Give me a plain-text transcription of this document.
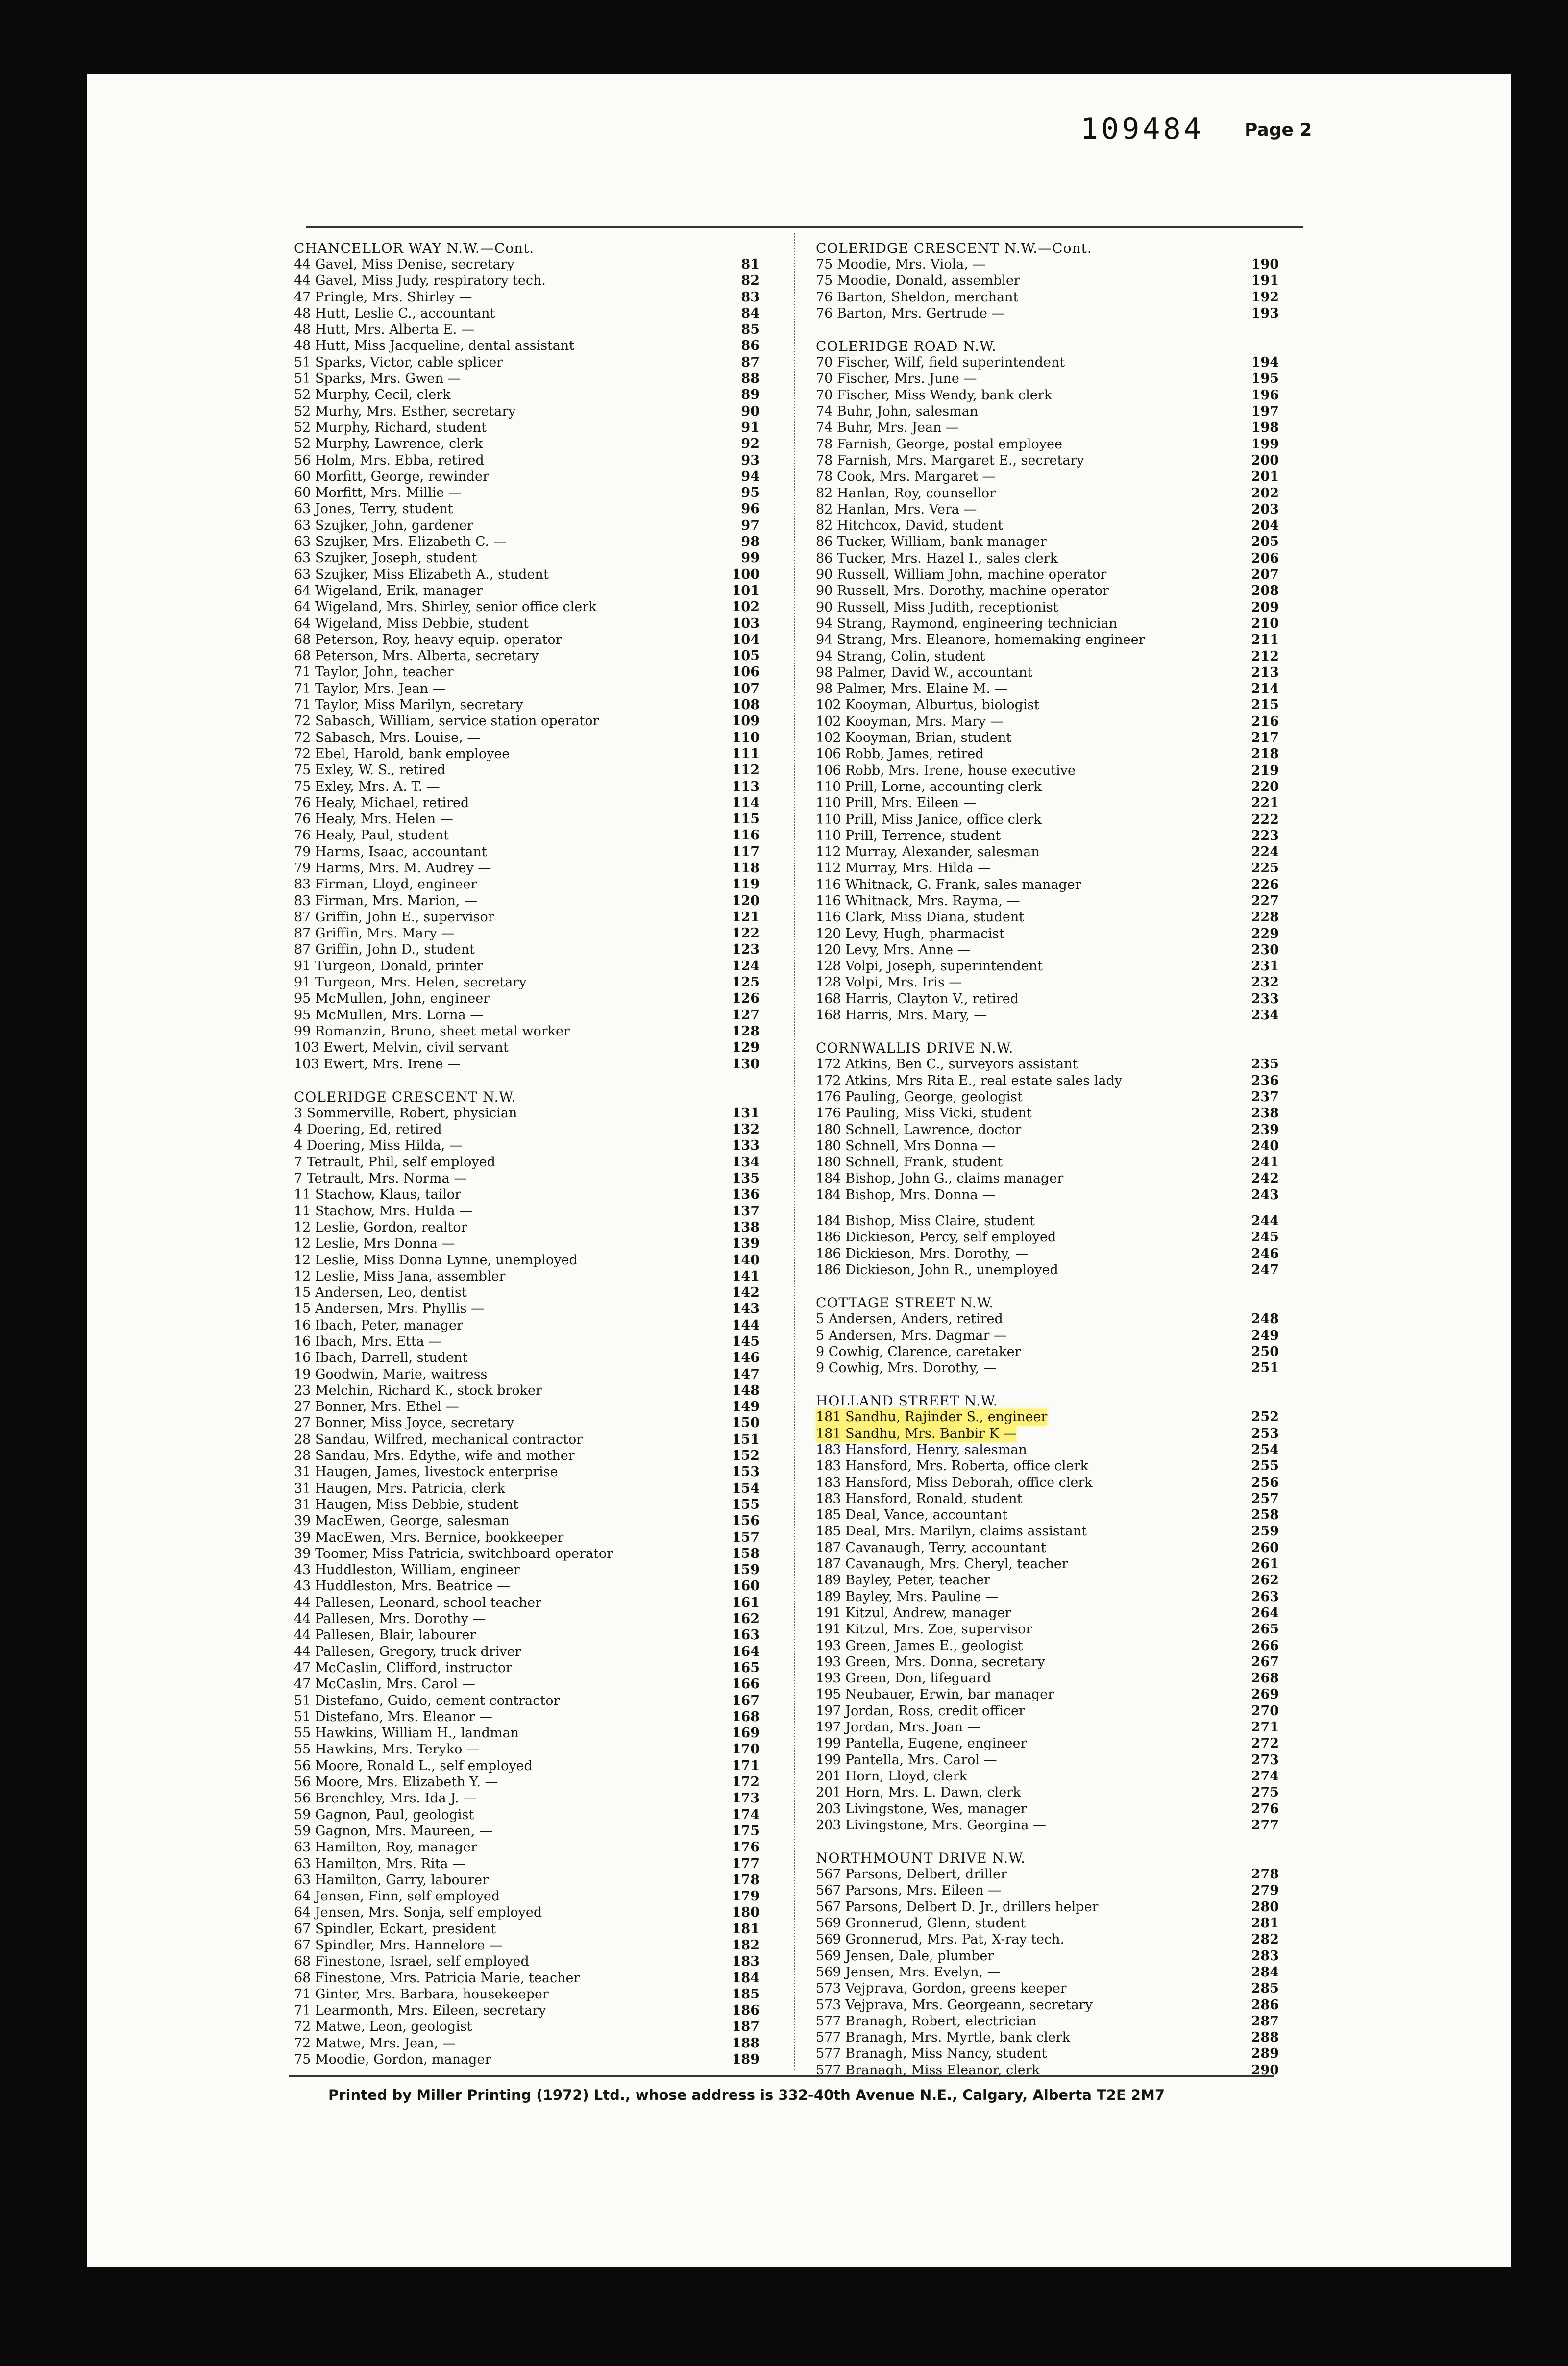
109484 Page 2
CHANCELLOR WAY N.W.—Cont.
44 Gavel, Miss Denise, secretary	81
44 Gavel, Miss Judy, respiratory tech.	82
47 Pringle, Mrs. Shirley —	83
48 Hutt, Leslie C., accountant	84
48 Hutt, Mrs. Alberta E. —	85
48 Hutt, Miss Jacqueline, dental assistant	86
51 Sparks, Victor, cable splicer	87
51 Sparks, Mrs. Gwen —	88
52 Murphy, Cecil, clerk	89
52 Murhy, Mrs. Esther, secretary	90
52 Murphy, Richard, student	91
52 Murphy, Lawrence, clerk	92
56 Holm, Mrs. Ebba, retired	93
60 Morfitt, George, rewinder	94
60 Morfitt, Mrs. Millie —	95
63 Jones, Terry, student	96
63 Szujker, John, gardener	97
63 Szujker, Mrs. Elizabeth C. —	98
63 Szujker, Joseph, student	99
63 Szujker, Miss Elizabeth A., student	100
64 Wigeland, Erik, manager	101
64 Wigeland, Mrs. Shirley, senior office clerk	102
64 Wigeland, Miss Debbie, student	103
68 Peterson, Roy, heavy equip. operator	104
68 Peterson, Mrs. Alberta, secretary	105
71 Taylor, John, teacher	106
71 Taylor, Mrs. Jean —	107
71 Taylor, Miss Marilyn, secretary	108
72 Sabasch, William, service station operator	109
72 Sabasch, Mrs. Louise, —	110
72 Ebel, Harold, bank employee	111
75 Exley, W. S., retired	112
75 Exley, Mrs. A. T. —	113
76 Healy, Michael, retired	114
76 Healy, Mrs. Helen —	115
76 Healy, Paul, student	116
79 Harms, Isaac, accountant	117
79 Harms, Mrs. M. Audrey —	118
83 Firman, Lloyd, engineer	119
83 Firman, Mrs. Marion, —	120
87 Griffin, John E., supervisor	121
87 Griffin, Mrs. Mary —	122
87 Griffin, John D., student	123
91 Turgeon, Donald, printer	124
91 Turgeon, Mrs. Helen, secretary	125
95 McMullen, John, engineer	126
95 McMullen, Mrs. Lorna —	127
99 Romanzin, Bruno, sheet metal worker	128
103 Ewert, Melvin, civil servant	129
103 Ewert, Mrs. Irene —	130
COLERIDGE CRESCENT N.W.
3 Sommerville, Robert, physician	131
4 Doering, Ed, retired	132
4 Doering, Miss Hilda, —	133
7 Tetrault, Phil, self employed	134
7 Tetrault, Mrs. Norma —	135
11 Stachow, Klaus, tailor	136
11 Stachow, Mrs. Hulda —	137
12 Leslie, Gordon, realtor	138
12 Leslie, Mrs Donna —	139
12 Leslie, Miss Donna Lynne, unemployed	140
12 Leslie, Miss Jana, assembler	141
15 Andersen, Leo, dentist	142
15 Andersen, Mrs. Phyllis —	143
16 Ibach, Peter, manager	144
16 Ibach, Mrs. Etta —	145
16 Ibach, Darrell, student	146
19 Goodwin, Marie, waitress	147
23 Melchin, Richard K., stock broker	148
27 Bonner, Mrs. Ethel —	149
27 Bonner, Miss Joyce, secretary	150
28 Sandau, Wilfred, mechanical contractor	151
28 Sandau, Mrs. Edythe, wife and mother	152
31 Haugen, James, livestock enterprise	153
31 Haugen, Mrs. Patricia, clerk	154
31 Haugen, Miss Debbie, student	155
39 MacEwen, George, salesman	156
39 MacEwen, Mrs. Bernice, bookkeeper	157
39 Toomer, Miss Patricia, switchboard operator	158
43 Huddleston, William, engineer	159
43 Huddleston, Mrs. Beatrice —	160
44 Pallesen, Leonard, school teacher	161
44 Pallesen, Mrs. Dorothy —	162
44 Pallesen, Blair, labourer	163
44 Pallesen, Gregory, truck driver	164
47 McCaslin, Clifford, instructor	165
47 McCaslin, Mrs. Carol —	166
51 Distefano, Guido, cement contractor	167
51 Distefano, Mrs. Eleanor —	168
55 Hawkins, William H., landman	169
55 Hawkins, Mrs. Teryko —	170
56 Moore, Ronald L., self employed	171
56 Moore, Mrs. Elizabeth Y. —	172
56 Brenchley, Mrs. Ida J. —	173
59 Gagnon, Paul, geologist	174
59 Gagnon, Mrs. Maureen, —	175
63 Hamilton, Roy, manager	176
63 Hamilton, Mrs. Rita —	177
63 Hamilton, Garry, labourer	178
64 Jensen, Finn, self employed	179
64 Jensen, Mrs. Sonja, self employed	180
67 Spindler, Eckart, president	181
67 Spindler, Mrs. Hannelore —	182
68 Finestone, Israel, self employed	183
68 Finestone, Mrs. Patricia Marie, teacher	184
71 Ginter, Mrs. Barbara, housekeeper	185
71 Learmonth, Mrs. Eileen, secretary	186
72 Matwe, Leon, geologist	187
72 Matwe, Mrs. Jean, —	188
75 Moodie, Gordon, manager	189
COLERIDGE CRESCENT N.W.—Cont.
75 Moodie, Mrs. Viola, —	190
75 Moodie, Donald, assembler	191
76 Barton, Sheldon, merchant	192
76 Barton, Mrs. Gertrude —	193
COLERIDGE ROAD N.W.
70 Fischer, Wilf, field superintendent	194
70 Fischer, Mrs. June —	195
70 Fischer, Miss Wendy, bank clerk	196
74 Buhr, John, salesman	197
74 Buhr, Mrs. Jean —	198
78 Farnish, George, postal employee	199
78 Farnish, Mrs. Margaret E., secretary	200
78 Cook, Mrs. Margaret —	201
82 Hanlan, Roy, counsellor	202
82 Hanlan, Mrs. Vera —	203
82 Hitchcox, David, student	204
86 Tucker, William, bank manager	205
86 Tucker, Mrs. Hazel I., sales clerk	206
90 Russell, William John, machine operator	207
90 Russell, Mrs. Dorothy, machine operator	208
90 Russell, Miss Judith, receptionist	209
94 Strang, Raymond, engineering technician	210
94 Strang, Mrs. Eleanore, homemaking engineer	211
94 Strang, Colin, student	212
98 Palmer, David W., accountant	213
98 Palmer, Mrs. Elaine M. —	214
102 Kooyman, Alburtus, biologist	215
102 Kooyman, Mrs. Mary —	216
102 Kooyman, Brian, student	217
106 Robb, James, retired	218
106 Robb, Mrs. Irene, house executive	219
110 Prill, Lorne, accounting clerk	220
110 Prill, Mrs. Eileen —	221
110 Prill, Miss Janice, office clerk	222
110 Prill, Terrence, student	223
112 Murray, Alexander, salesman	224
112 Murray, Mrs. Hilda —	225
116 Whitnack, G. Frank, sales manager	226
116 Whitnack, Mrs. Rayma, —	227
116 Clark, Miss Diana, student	228
120 Levy, Hugh, pharmacist	229
120 Levy, Mrs. Anne —	230
128 Volpi, Joseph, superintendent	231
128 Volpi, Mrs. Iris —	232
168 Harris, Clayton V., retired	233
168 Harris, Mrs. Mary, —	234
CORNWALLIS DRIVE N.W.
172 Atkins, Ben C., surveyors assistant	235
172 Atkins, Mrs Rita E., real estate sales lady	236
176 Pauling, George, geologist	237
176 Pauling, Miss Vicki, student	238
180 Schnell, Lawrence, doctor	239
180 Schnell, Mrs Donna —	240
180 Schnell, Frank, student	241
184 Bishop, John G., claims manager	242
184 Bishop, Mrs. Donna —	243
184 Bishop, Miss Claire, student	244
186 Dickieson, Percy, self employed	245
186 Dickieson, Mrs. Dorothy, —	246
186 Dickieson, John R., unemployed	247
COTTAGE STREET N.W.
5 Andersen, Anders, retired	248
5 Andersen, Mrs. Dagmar —	249
9 Cowhig, Clarence, caretaker	250
9 Cowhig, Mrs. Dorothy, —	251
HOLLAND STREET N.W.
181 Sandhu, Rajinder S., engineer	252
181 Sandhu, Mrs. Banbir K —	253
183 Hansford, Henry, salesman	254
183 Hansford, Mrs. Roberta, office clerk	255
183 Hansford, Miss Deborah, office clerk	256
183 Hansford, Ronald, student	257
185 Deal, Vance, accountant	258
185 Deal, Mrs. Marilyn, claims assistant	259
187 Cavanaugh, Terry, accountant	260
187 Cavanaugh, Mrs. Cheryl, teacher	261
189 Bayley, Peter, teacher	262
189 Bayley, Mrs. Pauline —	263
191 Kitzul, Andrew, manager	264
191 Kitzul, Mrs. Zoe, supervisor	265
193 Green, James E., geologist	266
193 Green, Mrs. Donna, secretary	267
193 Green, Don, lifeguard	268
195 Neubauer, Erwin, bar manager	269
197 Jordan, Ross, credit officer	270
197 Jordan, Mrs. Joan —	271
199 Pantella, Eugene, engineer	272
199 Pantella, Mrs. Carol —	273
201 Horn, Lloyd, clerk	274
201 Horn, Mrs. L. Dawn, clerk	275
203 Livingstone, Wes, manager	276
203 Livingstone, Mrs. Georgina —	277
NORTHMOUNT DRIVE N.W.
567 Parsons, Delbert, driller	278
567 Parsons, Mrs. Eileen —	279
567 Parsons, Delbert D. Jr., drillers helper	280
569 Gronnerud, Glenn, student	281
569 Gronnerud, Mrs. Pat, X-ray tech.	282
569 Jensen, Dale, plumber	283
569 Jensen, Mrs. Evelyn, —	284
573 Vejprava, Gordon, greens keeper	285
573 Vejprava, Mrs. Georgeann, secretary	286
577 Branagh, Robert, electrician	287
577 Branagh, Mrs. Myrtle, bank clerk	288
577 Branagh, Miss Nancy, student	289
577 Branagh, Miss Eleanor, clerk	290
Printed by Miller Printing (1972) Ltd., whose address is 332-40th Avenue N.E., Calgary, Alberta T2E 2M7
